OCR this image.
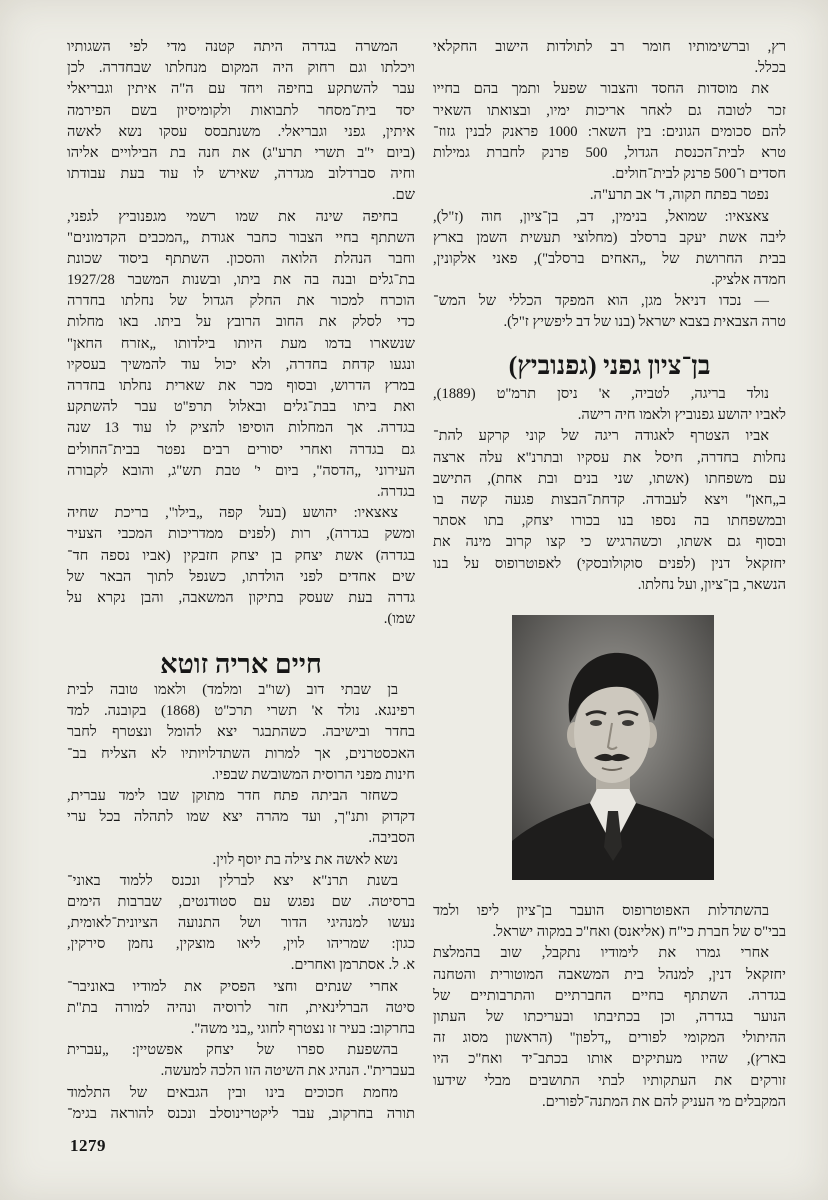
רץ, וברשימותיו חומר רב לתולדות הישוב החקלאי
בכלל.
את מוסדות החסד והצבור שפעל ותמך בהם בחייו
זכר לטובה גם לאחר אריכות ימיו, ובצואתו השאיר
להם סכומים הגונים: בין השאר: 1000 פראנק לבנין גזוז־
טרא לבית־הכנסת הגדול, 500 פרנק לחברת גמילות
חסדים ו־500 פרנק לבית־חולים.
נפטר בפתח תקוה, ד' אב תרע"ה.
צאצאיו: שמואל, בנימין, דב, בן־ציון, חוה (ז"ל),
ליבה אשת יעקב ברסלב (מחלוצי תעשית השמן בארץ
בבית החרושת של „האחים ברסלב"), פאני אלקונין,
חמדה אלציק.
— נכדו דניאל מגן, הוא המפקד הכללי של המש־
טרה הצבאית בצבא ישראל (בנו של דב ליפשיץ ז"ל).
בן־ציון גפני (גפנוביץ)
נולד בריגה, לטביה, א' ניסן תרמ"ט (1889),
לאביו יהושע גפנוביץ ולאמו חיה רישה.
אביו הצטרף לאגודה ריגה של קוני קרקע להת־
נחלות בחדרה, חיסל את עסקיו ובתרנ"א עלה ארצה
עם משפחתו (אשתו, שני בנים ובת אחת), התישב
ב„חאן" ויצא לעבודה. קדחת־הבצות פגעה קשה בו
ובמשפחתו בה נספו בנו בכורו יצחק, בתו אסתר
ובסוף גם אשתו, וכשהרגיש כי קצו קרוב מינה את
יחזקאל דנין (לפנים סוקולובסקי) לאפוטרופוס על בנו
הנשאר, בן־ציון, ועל נחלתו.
בהשתדלות האפוטרופוס הועבר בן־ציון ליפו ולמד
בבי"ס של חברת כי"ח (אליאנס) ואח"כ במקוה ישראל.
אחרי גמרו את לימודיו נתקבל, שוב בהמלצת
יחזקאל דנין, למנהל בית המשאבה המוטורית והטחנה
בגדרה. השתתף בחיים החברתיים והתרבותיים של
הנוער בגדרה, וכן בכתיבתו ובעריכתו של העתון
ההיתולי המקומי לפורים „דלפון" (הראשון מסוג זה
בארץ), שהיו מעתיקים אותו בכתב־יד ואח"כ היו
זורקים את העתקותיו לבתי התושבים מבלי שידעו
המקבלים מי העניק להם את המתנה־לפורים.
המשרה בגדרה היתה קטנה מדי לפי השגותיו
ויכלתו וגם רחוק היה המקום מנחלתו שבחדרה. לכן
עבר להשתקע בחיפה ויחד עם ה"ה איתין וגבריאלי
יסד בית־מסחר לתבואות ולקומיסיון בשם הפירמה
איתין, גפני וגבריאלי. משנתבסס עסקו נשא לאשה
(ביום י"ב תשרי תרע"ג) את חנה בת הבילויים אליהו
וחיה סברדלוב מגדרה, שאירש לו עוד בעת עבודתו
שם.
בחיפה שינה את שמו רשמי מגפנוביץ לגפני,
השתתף בחיי הצבור כחבר אגודת „המכבים הקדמונים"
וחבר הנהלת הלואה והסכון. השתתף ביסוד שכונת
בת־גלים ובנה בה את ביתו, ובשנות המשבר 1927/28
הוכרח למכור את החלק הגדול של נחלתו בחדרה
כדי לסלק את החוב הרובץ על ביתו. באו מחלות
שנשארו בדמו מעת היותו בילדותו „אזרח החאן"
ונגעו קדחת בחדרה, ולא יכול עוד להמשיך בעסקיו
במרץ הדרוש, ובסוף מכר את שארית נחלתו בחדרה
ואת ביתו בבת־גלים ובאלול תרפ"ט עבר להשתקע
בגדרה. אך המחלות הוסיפו להציק לו עוד 13 שנה
גם בגדרה ואחרי יסורים רבים נפטר בבית־החולים
העירוני „הדסה", ביום י' טבת תש"ג, והובא לקבורה
בגדרה.
צאצאיו: יהושע (בעל קפה „בילו", בריכת שחיה
ומשק בגדרה), רות (לפנים ממדריכות המכבי הצעיר
בגדרה) אשת יצחק בן יצחק חזבקין (אביו נספה חד־
שים אחדים לפני הולדתו, כשנפל לתוך הבאר של
גדרה בעת שעסק בתיקון המשאבה, והבן נקרא על
שמו).
חיים אריה זוטא
בן שבתי דוב (שו"ב ומלמד) ולאמו טובה לבית
רפינגא. נולד א' תשרי תרכ"ט (1868) בקובנה. למד
בחדר ובישיבה. כשהתבגר יצא להומל ונצטרף לחבר
האכסטרנים, אך למרות השתדלויותיו לא הצליח בב־
חינות מפני הרוסית המשובשת שבפיו.
כשחזר הביתה פתח חדר מתוקן שבו לימד עברית,
דקדוק ותנ"ך, ועד מהרה יצא שמו לתהלה בכל ערי
הסביבה.
נשא לאשה את צילה בת יוסף לוין.
בשנת תרנ"א יצא לברלין ונכנס ללמוד באוני־
ברסיטה. שם נפגש עם סטודנטים, שברבות הימים
נעשו למנהיגי הדור ושל התנועה הציונית־לאומית,
כגון: שמריהו לוין, ליאו מוצקין, נחמן סירקין,
א. ל. אסתרמן ואחרים.
אחרי שנתים וחצי הפסיק את למודיו באוניבר־
סיטה הברלינאית, חזר לרוסיה ונהיה למורה בת"ת
בחרקוב: בעיר זו נצטרף לחוגי „בני משה".
בהשפעת ספרו של יצחק אפשטיין: „עברית
בעברית". הנהיג את השיטה הזו הלכה למעשה.
מחמת חכוכים בינו ובין הגבאים של התלמוד
תורה בחרקוב, עבר ליקטרינוסלב ונכנס להוראה בגימ־
1279
